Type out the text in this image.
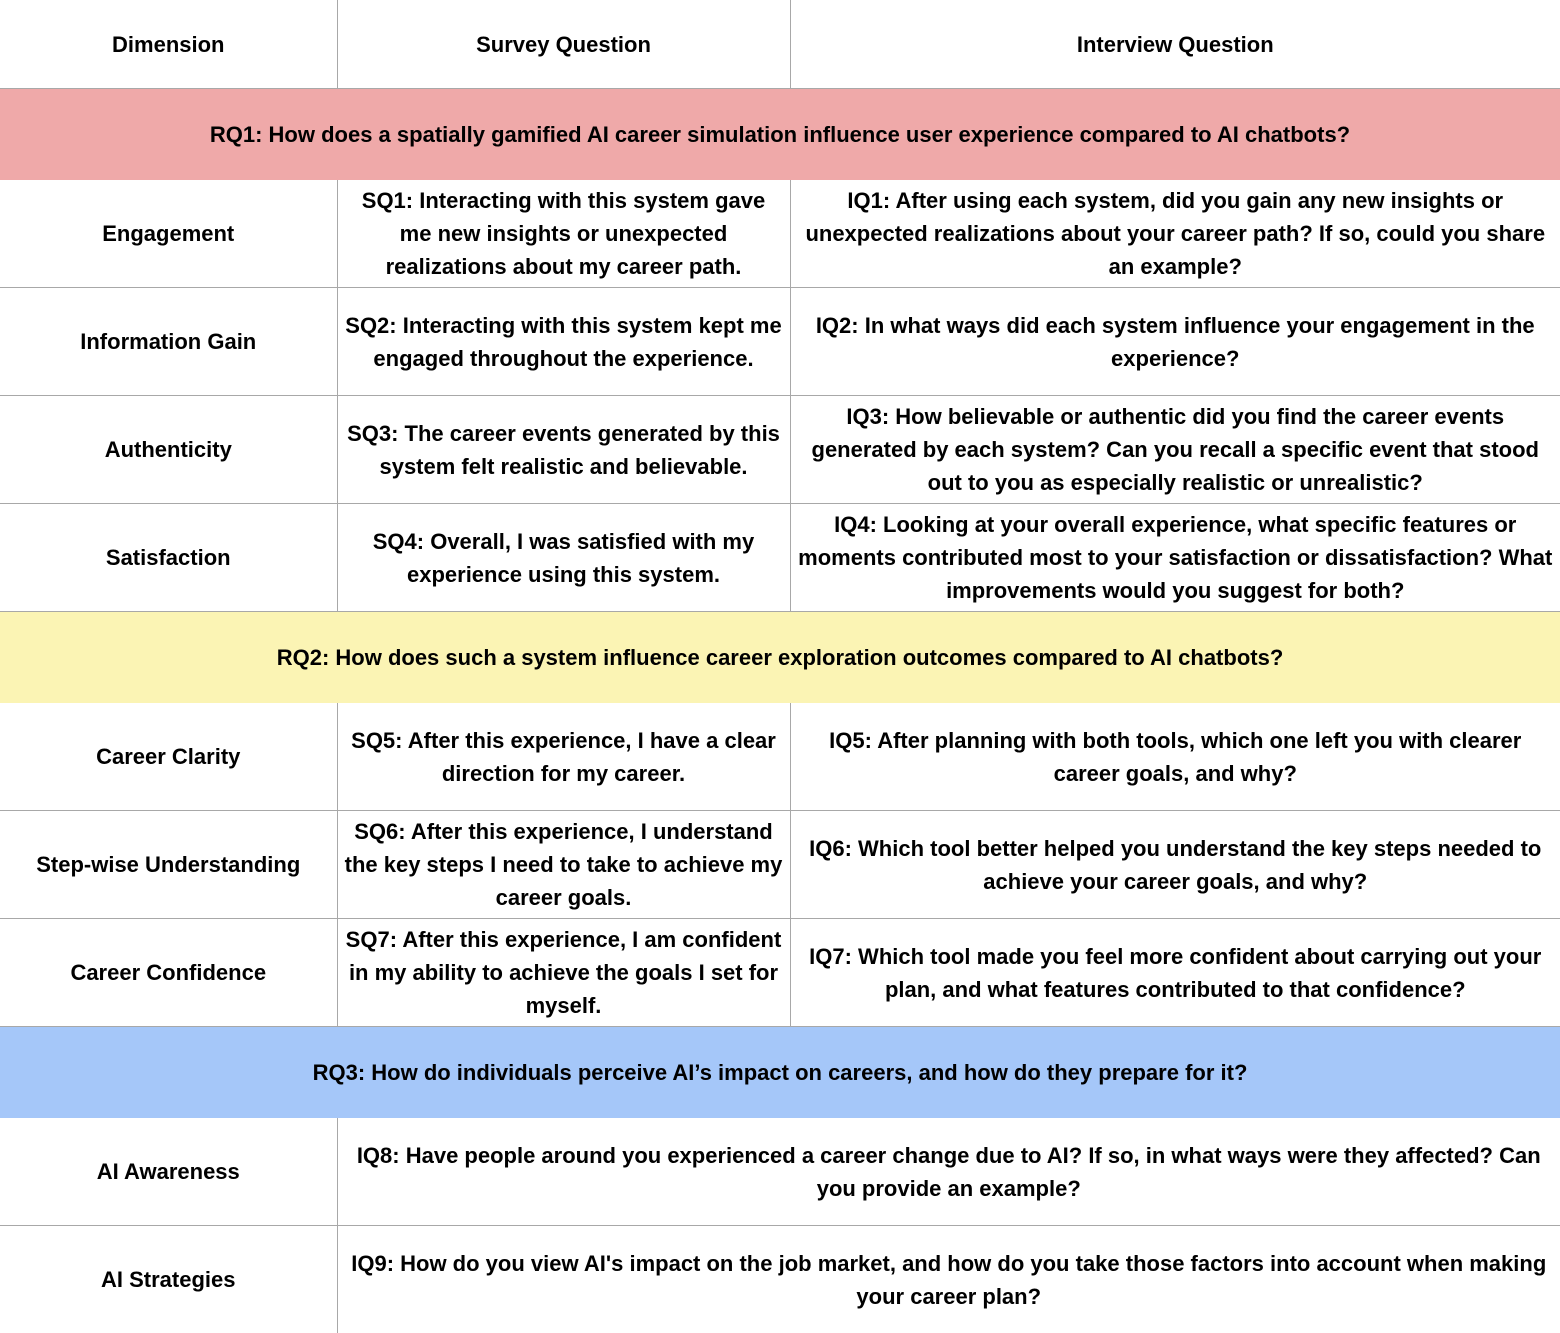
Dimension	Survey Question	Interview Question
RQ1: How does a spatially gamified AI career simulation influence user experience compared to AI chatbots?		
Engagement	SQ1: Interacting with this system gave me new insights or unexpected realizations about my career path.	IQ1: After using each system, did you gain any new insights or unexpected realizations about your career path? If so, could you share an example?
Information Gain	SQ2: Interacting with this system kept me engaged throughout the experience.	IQ2: In what ways did each system influence your engagement in the experience?
Authenticity	SQ3: The career events generated by this system felt realistic and believable.	IQ3: How believable or authentic did you find the career events generated by each system? Can you recall a specific event that stood out to you as especially realistic or unrealistic?
Satisfaction	SQ4: Overall, I was satisfied with my experience using this system.	IQ4: Looking at your overall experience, what specific features or moments contributed most to your satisfaction or dissatisfaction? What improvements would you suggest for both?
RQ2: How does such a system influence career exploration outcomes compared to AI chatbots?		
Career Clarity	SQ5: After this experience, I have a clear direction for my career.	IQ5: After planning with both tools, which one left you with clearer career goals, and why?
Step-wise Understanding	SQ6: After this experience, I understand the key steps I need to take to achieve my career goals.	IQ6: Which tool better helped you understand the key steps needed to achieve your career goals, and why?
Career Confidence	SQ7: After this experience, I am confident in my ability to achieve the goals I set for myself.	IQ7: Which tool made you feel more confident about carrying out your plan, and what features contributed to that confidence?
RQ3: How do individuals perceive AI’s impact on careers, and how do they prepare for it?		
AI Awareness	IQ8: Have people around you experienced a career change due to AI? If so, in what ways were they affected? Can you provide an example?	
AI Strategies	IQ9: How do you view AI's impact on the job market, and how do you take those factors into account when making your career plan?	
